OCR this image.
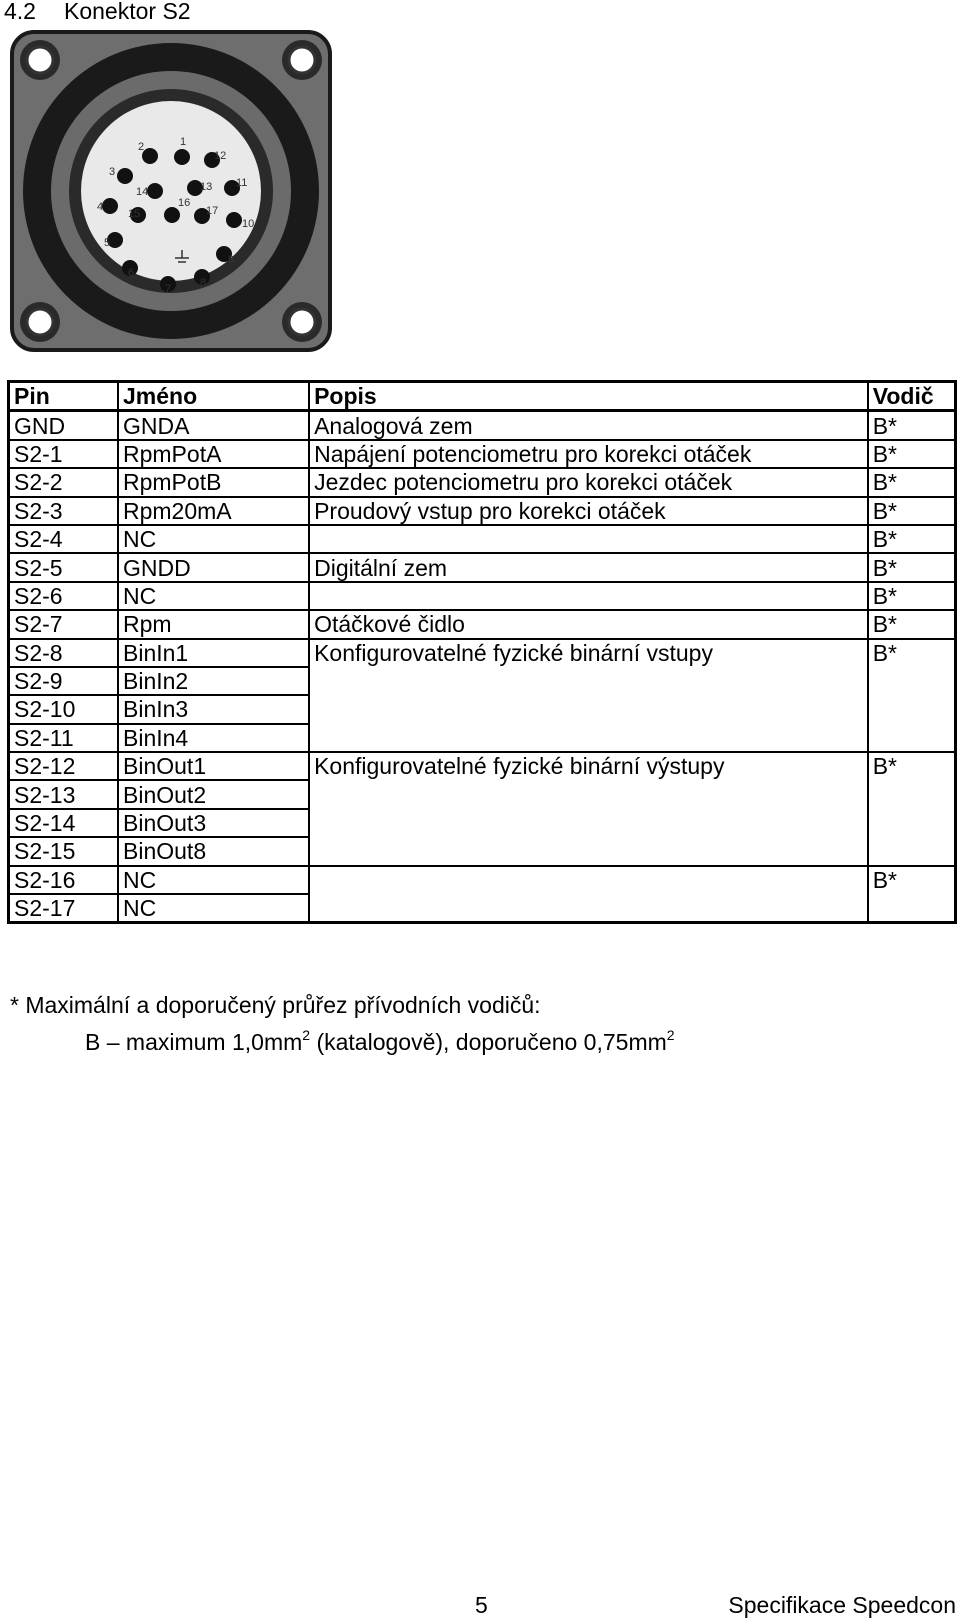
4.2 Konektor S2
1
2
3
4
5
6
7	8
9
10
11
12
13
14
15
16
17
Pin	Jméno	Popis	Vodič
GND	GNDA	Analogová zem	B*
S2-1	RpmPotA	Napájení potenciometru pro korekci otáček	B*
S2-2	RpmPotB	Jezdec potenciometru pro korekci otáček	B*
S2-3	Rpm20mA	Proudový vstup pro korekci otáček	B*
S2-4	NC		B*
S2-5	GNDD	Digitální zem	B*
S2-6	NC		B*
S2-7	Rpm	Otáčkové čidlo	B*
S2-8	BinIn1	Konfigurovatelné fyzické binární vstupy	B*
S2-9	BinIn2		
S2-10	BinIn3		
S2-11	BinIn4		
S2-12	BinOut1	Konfigurovatelné fyzické binární výstupy	B*
S2-13	BinOut2		
S2-14	BinOut3		
S2-15	BinOut8		
S2-16	NC		B*
S2-17	NC		
* Maximální a doporučený průřez přívodních vodičů:
B – maximum $1,0mm^2$ (katalogově), doporučeno $0,75mm^2$
5	Specifikace Speedcon
